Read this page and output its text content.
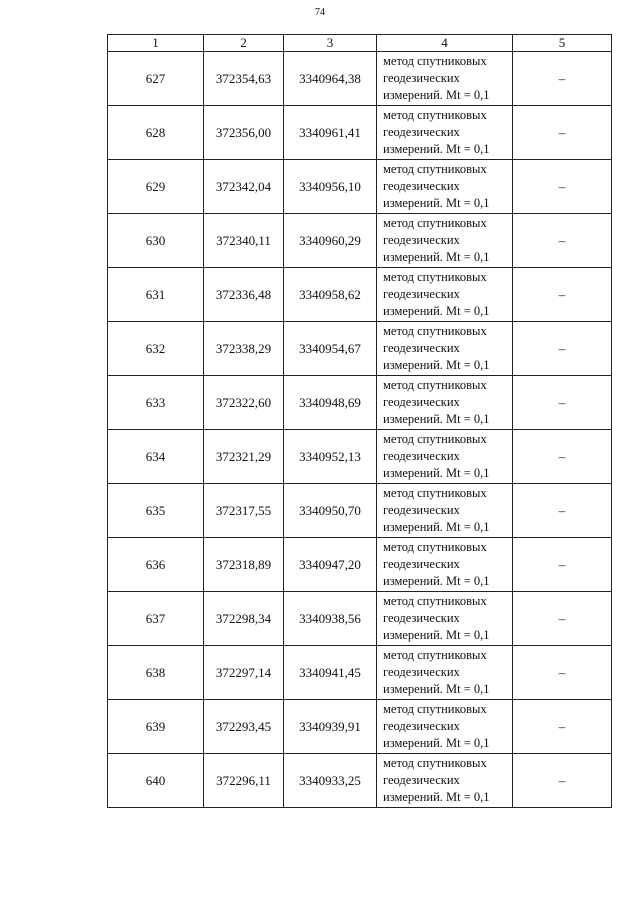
74
1	2	3	4	5
627	372354,63	3340964,38	метод спутниковых
геодезических
измерений. Mt = 0,1	–
628	372356,00	3340961,41	метод спутниковых
геодезических
измерений. Mt = 0,1	–
629	372342,04	3340956,10	метод спутниковых
геодезических
измерений. Mt = 0,1	–
630	372340,11	3340960,29	метод спутниковых
геодезических
измерений. Mt = 0,1	–
631	372336,48	3340958,62	метод спутниковых
геодезических
измерений. Mt = 0,1	–
632	372338,29	3340954,67	метод спутниковых
геодезических
измерений. Mt = 0,1	–
633	372322,60	3340948,69	метод спутниковых
геодезических
измерений. Mt = 0,1	–
634	372321,29	3340952,13	метод спутниковых
геодезических
измерений. Mt = 0,1	–
635	372317,55	3340950,70	метод спутниковых
геодезических
измерений. Mt = 0,1	–
636	372318,89	3340947,20	метод спутниковых
геодезических
измерений. Mt = 0,1	–
637	372298,34	3340938,56	метод спутниковых
геодезических
измерений. Mt = 0,1	–
638	372297,14	3340941,45	метод спутниковых
геодезических
измерений. Mt = 0,1	–
639	372293,45	3340939,91	метод спутниковых
геодезических
измерений. Mt = 0,1	–
640	372296,11	3340933,25	метод спутниковых
геодезических
измерений. Mt = 0,1	–
